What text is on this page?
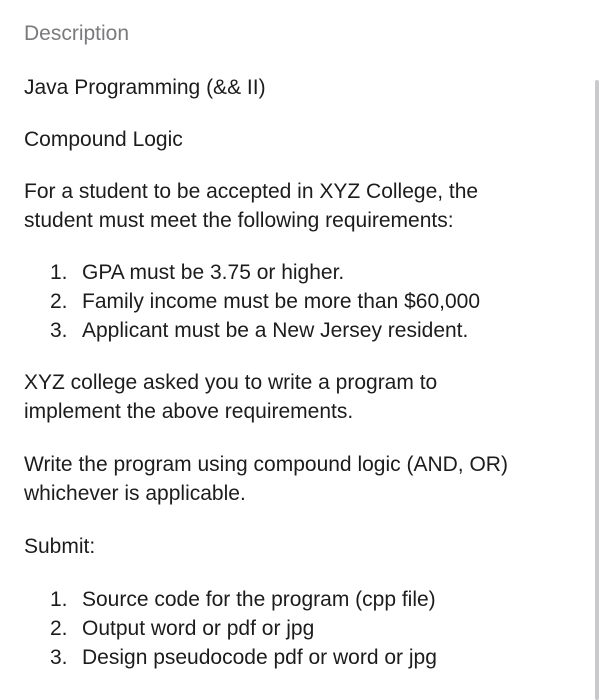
Description
Java Programming (&& II)
Compound Logic
For a student to be accepted in XYZ College, the
student must meet the following requirements:
1. GPA must be 3.75 or higher.
2. Family income must be more than $60,000
3. Applicant must be a New Jersey resident.
XYZ college asked you to write a program to
implement the above requirements.
Write the program using compound logic (AND, OR)
whichever is applicable.
Submit:
1. Source code for the program (cpp file)
2. Output word or pdf or jpg
3. Design pseudocode pdf or word or jpg
